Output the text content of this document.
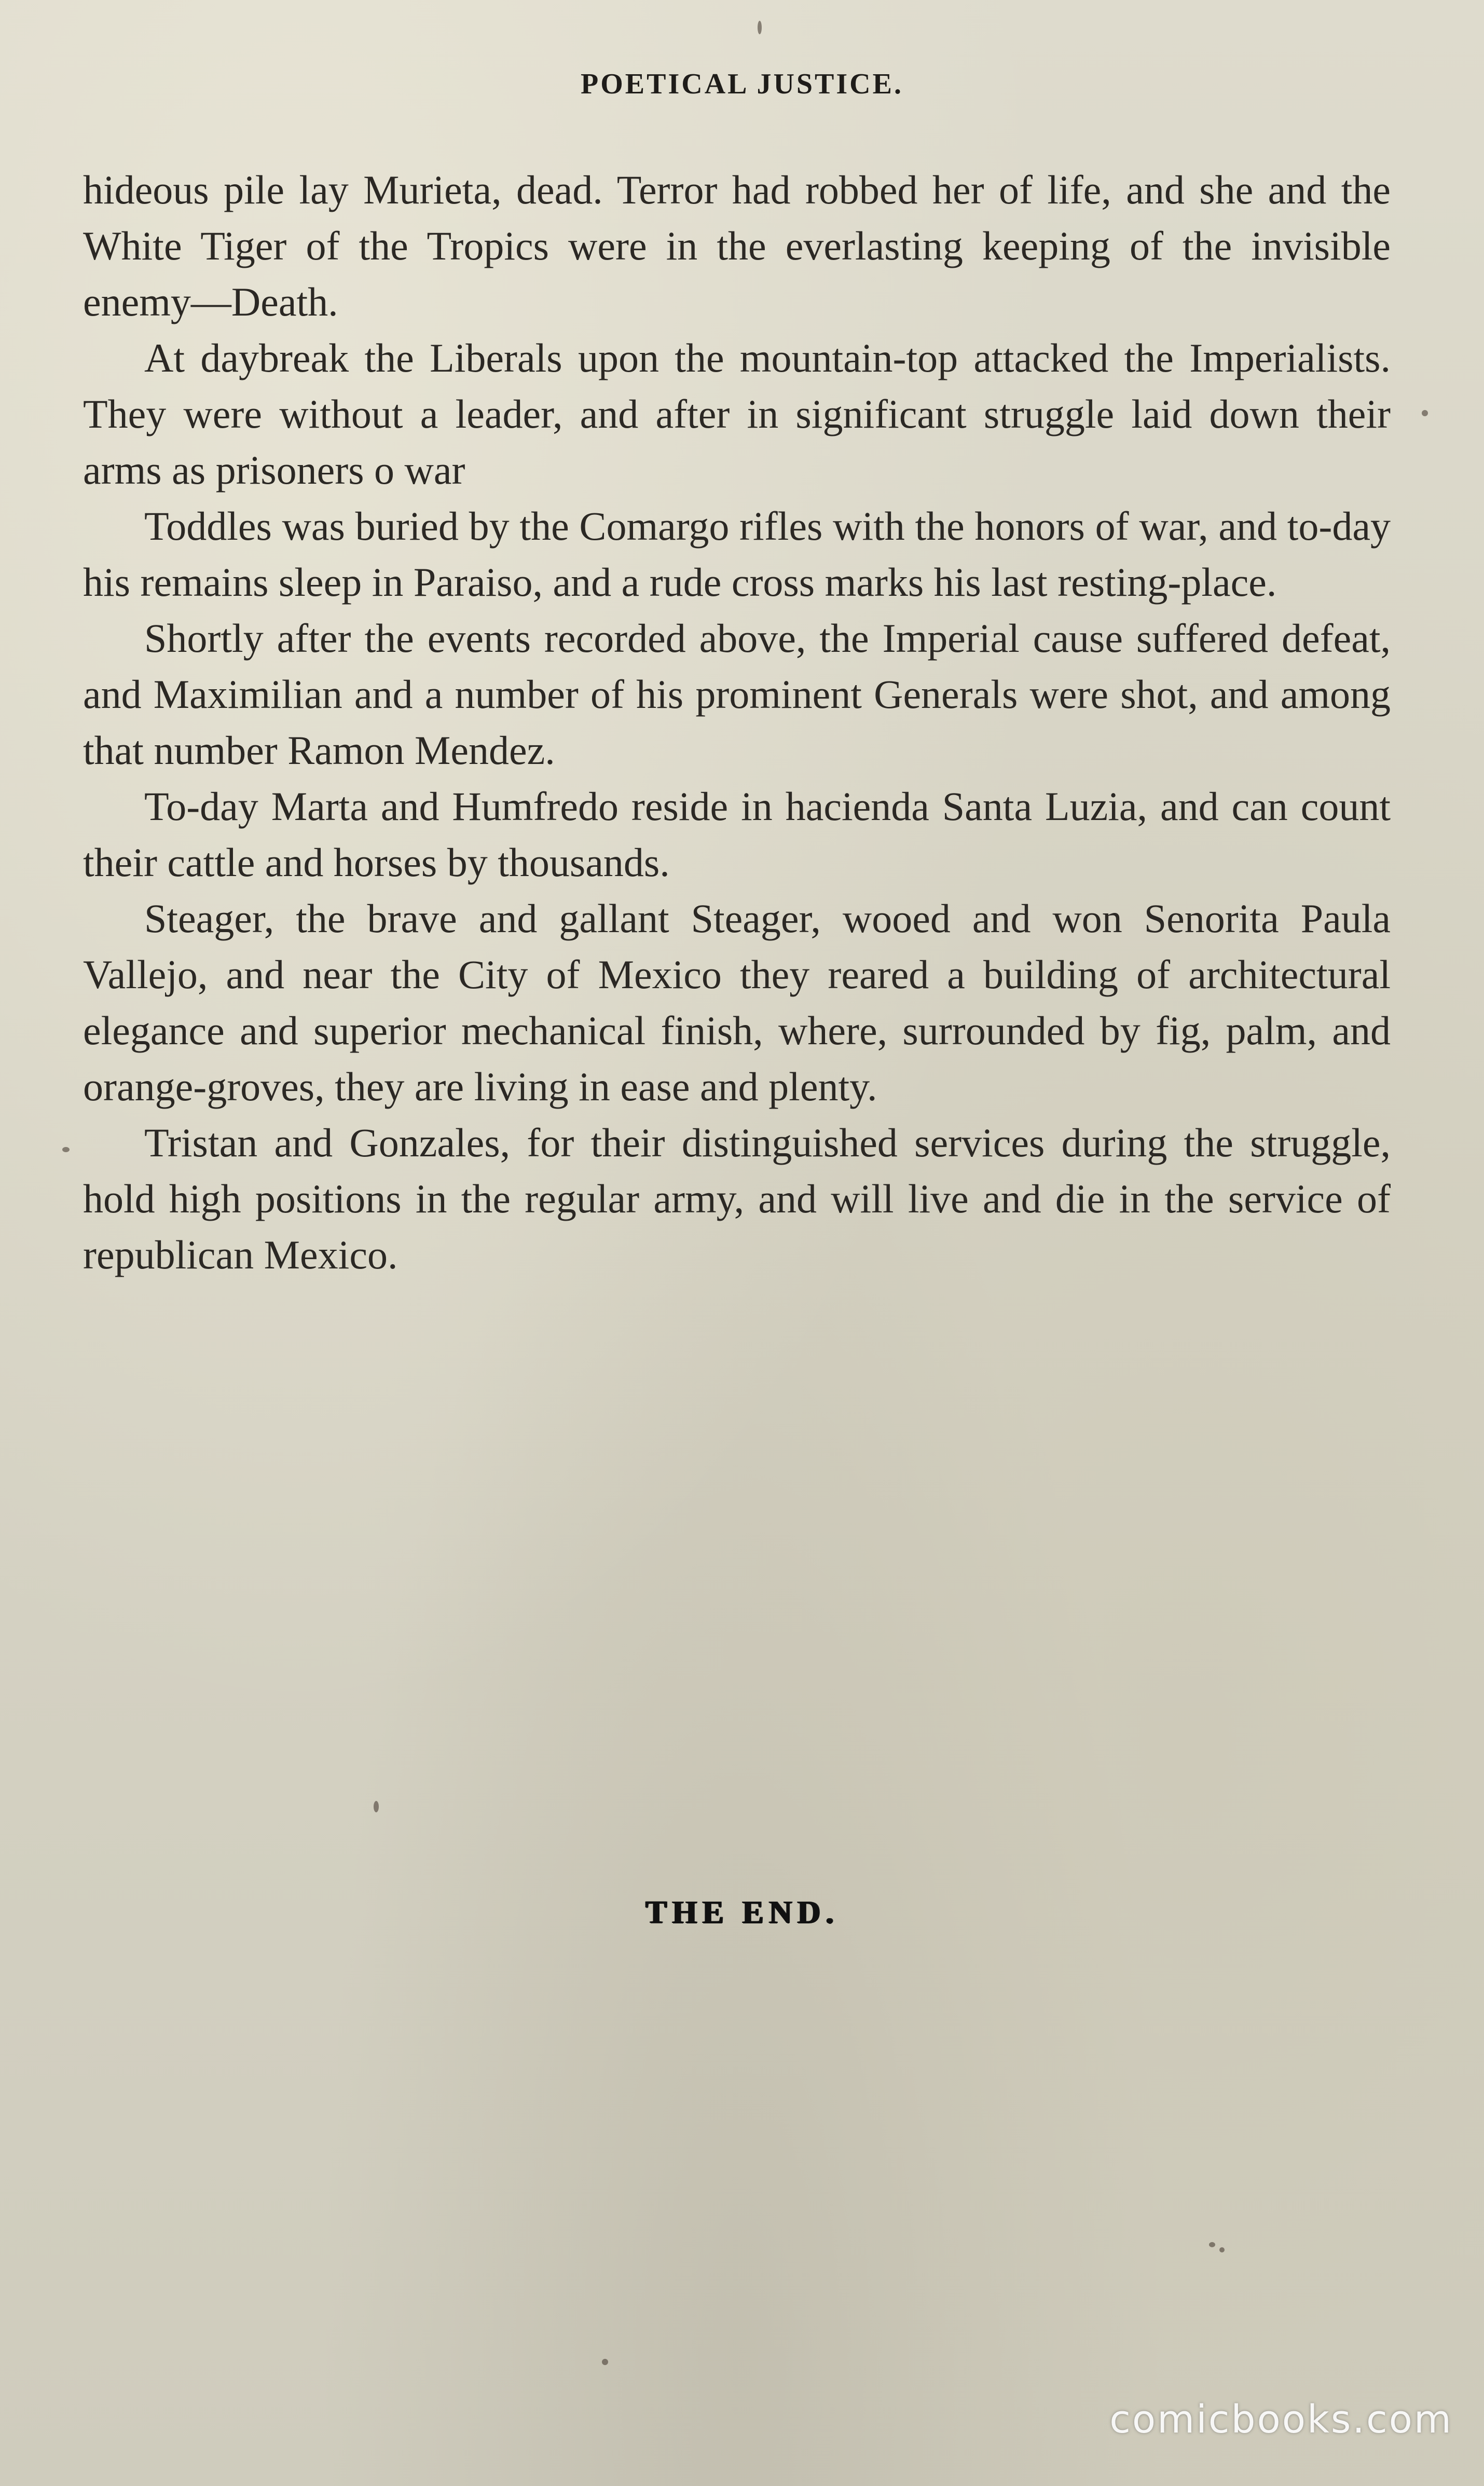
POETICAL JUSTICE.

hideous pile lay Murieta, dead. Terror had robbed her of life, and she and the White Tiger of the Tropics were in the everlasting keeping of the invisible enemy—Death.

At daybreak the Liberals upon the mountain-top attacked the Imperialists. They were without a leader, and after in significant struggle laid down their arms as prisoners o war

Toddles was buried by the Comargo rifles with the honors of war, and to-day his remains sleep in Paraiso, and a rude cross marks his last resting-place.

Shortly after the events recorded above, the Imperial cause suffered defeat, and Maximilian and a number of his prominent Generals were shot, and among that number Ramon Mendez.

To-day Marta and Humfredo reside in hacienda Santa Luzia, and can count their cattle and horses by thousands.

Steager, the brave and gallant Steager, wooed and won Senorita Paula Vallejo, and near the City of Mexico they reared a building of architectural elegance and superior mechanical finish, where, surrounded by fig, palm, and orange-groves, they are living in ease and plenty.

Tristan and Gonzales, for their distinguished services during the struggle, hold high positions in the regular army, and will live and die in the service of republican Mexico.

THE END.
comicbooks.com
